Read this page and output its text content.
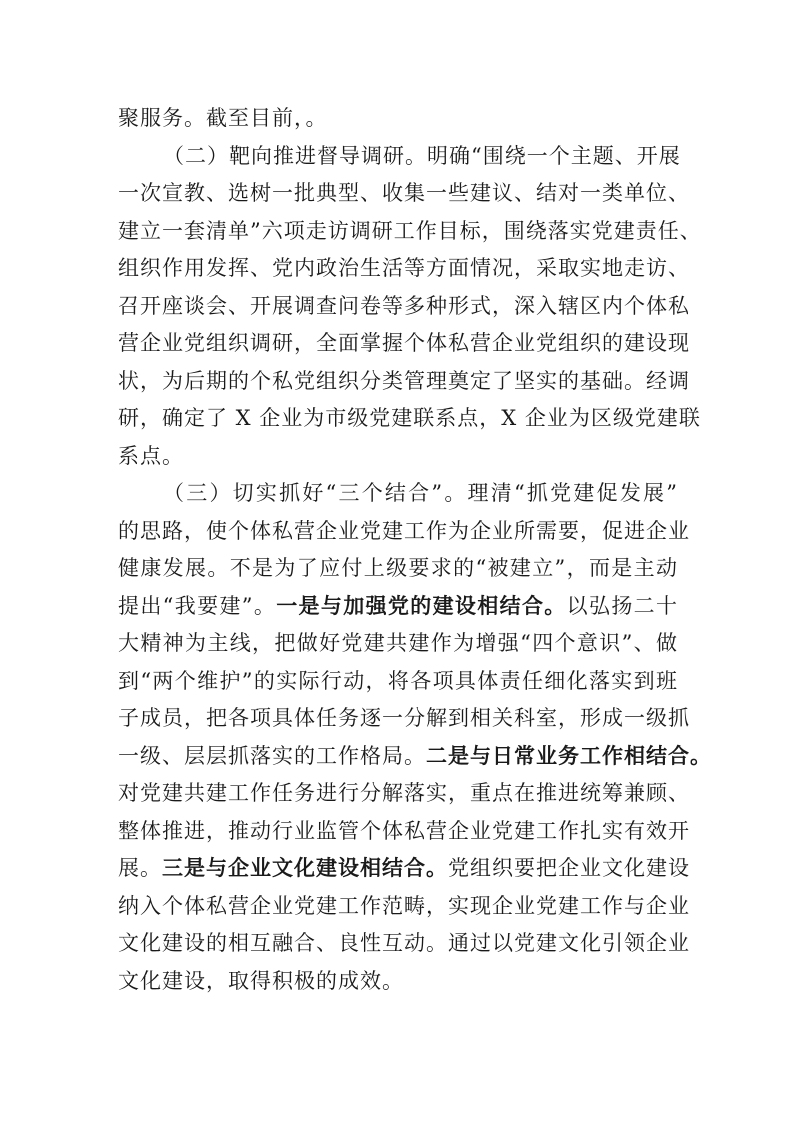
聚服务。截至目前，。
（二）靶向推进督导调研。明确“围绕一个主题、开展
一次宣教、选树一批典型、收集一些建议、结对一类单位、
建立一套清单”六项走访调研工作目标，围绕落实党建责任、
组织作用发挥、党内政治生活等方面情况，采取实地走访、
召开座谈会、开展调查问卷等多种形式，深入辖区内个体私
营企业党组织调研，全面掌握个体私营企业党组织的建设现
状，为后期的个私党组织分类管理奠定了坚实的基础。经调
研，确定了 X 企业为市级党建联系点，X 企业为区级党建联
系点。
（三）切实抓好“三个结合”。理清“抓党建促发展”
的思路，使个体私营企业党建工作为企业所需要，促进企业
健康发展。不是为了应付上级要求的“被建立”，而是主动
提出“我要建”。一是与加强党的建设相结合。以弘扬二十
大精神为主线，把做好党建共建作为增强“四个意识”、做
到“两个维护”的实际行动，将各项具体责任细化落实到班
子成员，把各项具体任务逐一分解到相关科室，形成一级抓
一级、层层抓落实的工作格局。二是与日常业务工作相结合。
对党建共建工作任务进行分解落实，重点在推进统筹兼顾、
整体推进，推动行业监管个体私营企业党建工作扎实有效开
展。三是与企业文化建设相结合。党组织要把企业文化建设
纳入个体私营企业党建工作范畴，实现企业党建工作与企业
文化建设的相互融合、良性互动。通过以党建文化引领企业
文化建设，取得积极的成效。
